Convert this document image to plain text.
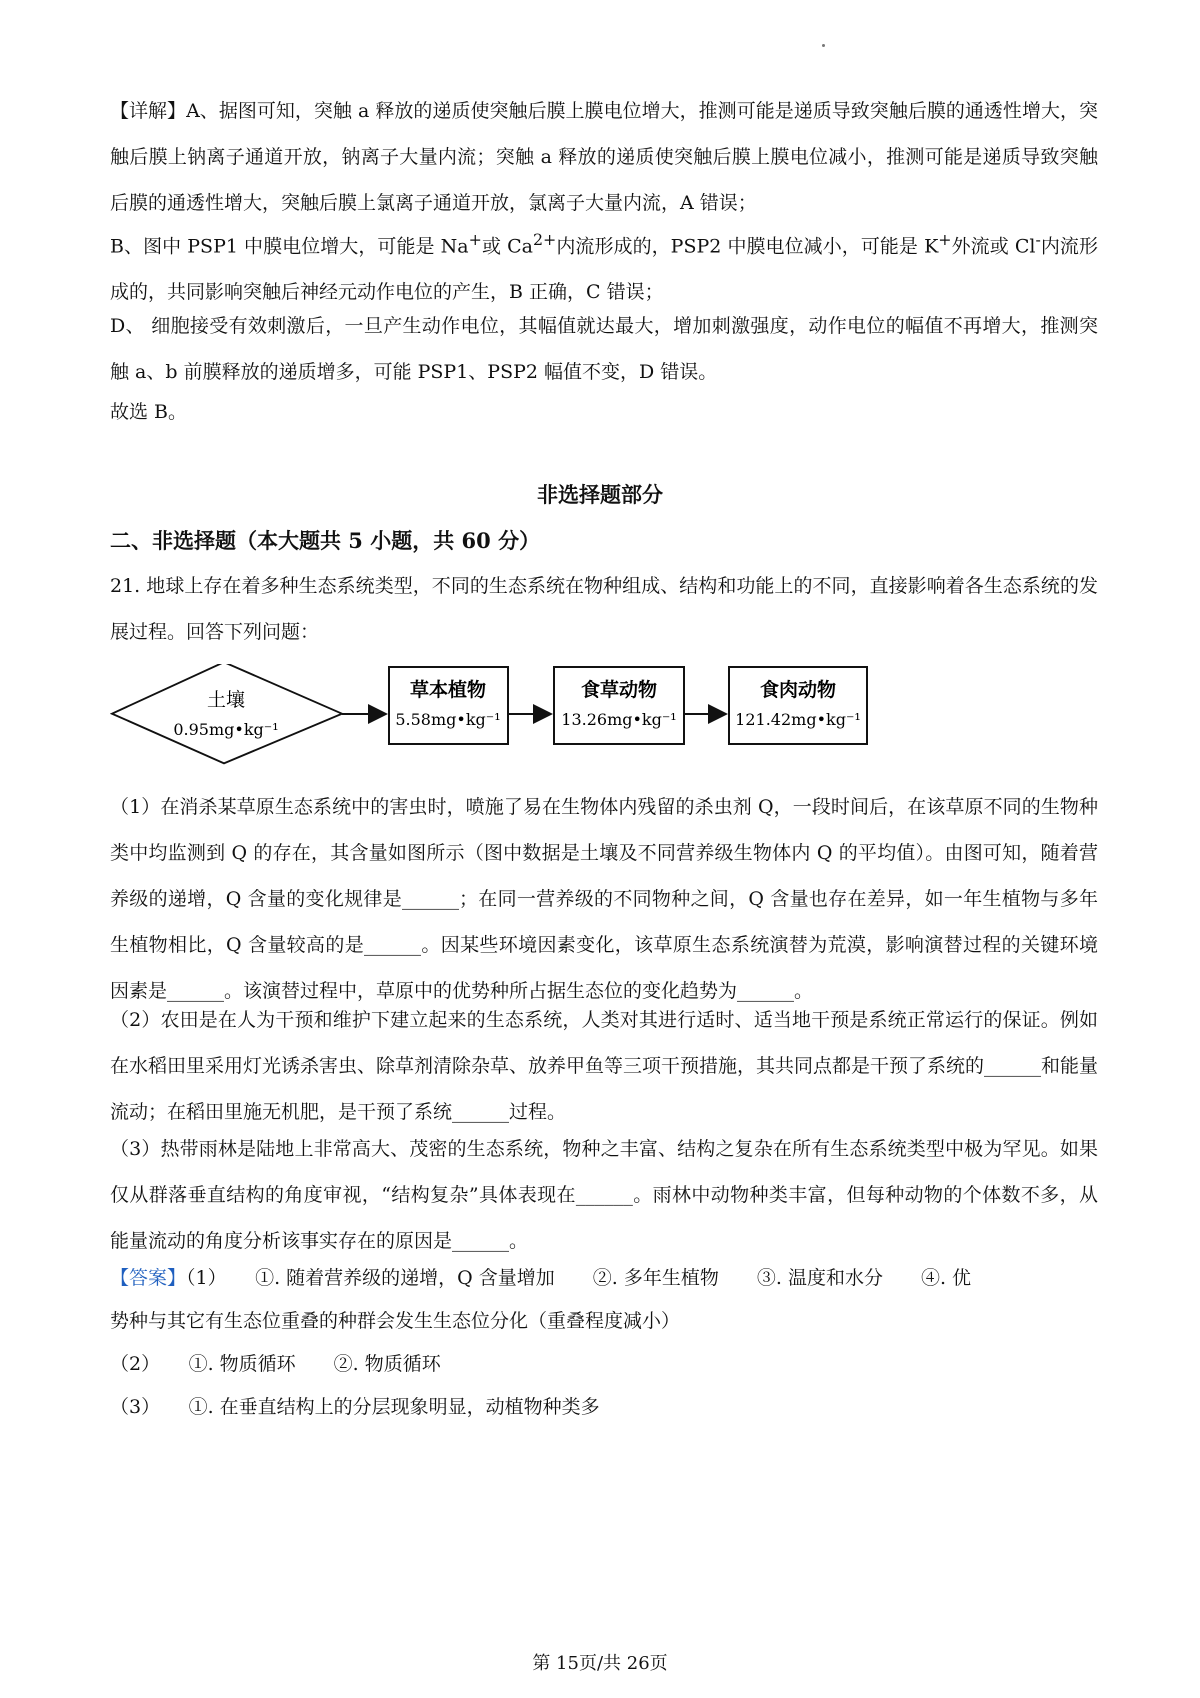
【详解】A、据图可知，突触 a 释放的递质使突触后膜上膜电位增大，推测可能是递质导致突触后膜的通透性增大，突触后膜上钠离子通道开放，钠离子大量内流；突触 a 释放的递质使突触后膜上膜电位减小，推测可能是递质导致突触后膜的通透性增大，突触后膜上氯离子通道开放，氯离子大量内流，A 错误；

B、图中 PSP1 中膜电位增大，可能是 Na+或 $Ca^{2+}$内流形成的，PSP2 中膜电位减小，可能是 K+外流或 Cl-内流形成的，共同影响突触后神经元动作电位的产生，B 正确，C 错误；

D、 细胞接受有效刺激后，一旦产生动作电位，其幅值就达最大，增加刺激强度，动作电位的幅值不再增大，推测突触 a、b 前膜释放的递质增多，可能 PSP1、PSP2 幅值不变，D 错误。

故选 B。

非选择题部分
二、非选择题（本大题共 5 小题，共 60 分）

21. 地球上存在着多种生态系统类型，不同的生态系统在物种组成、结构和功能上的不同，直接影响着各生态系统的发展过程。回答下列问题：

土壤
0.95mg•kg⁻¹
草本植物
5.58mg•kg⁻¹
食草动物
13.26mg•kg⁻¹
食肉动物
121.42mg•kg⁻¹

（1）在消杀某草原生态系统中的害虫时，喷施了易在生物体内残留的杀虫剂 Q，一段时间后，在该草原不同的生物种类中均监测到 Q 的存在，其含量如图所示（图中数据是土壤及不同营养级生物体内 Q 的平均值）。由图可知，随着营养级的递增，Q 含量的变化规律是______；在同一营养级的不同物种之间，Q 含量也存在差异，如一年生植物与多年生植物相比，Q 含量较高的是______。因某些环境因素变化，该草原生态系统演替为荒漠，影响演替过程的关键环境因素是______。该演替过程中，草原中的优势种所占据生态位的变化趋势为______。

（2）农田是在人为干预和维护下建立起来的生态系统，人类对其进行适时、适当地干预是系统正常运行的保证。例如在水稻田里采用灯光诱杀害虫、除草剂清除杂草、放养甲鱼等三项干预措施，其共同点都是干预了系统的______和能量流动；在稻田里施无机肥，是干预了系统______过程。

（3）热带雨林是陆地上非常高大、茂密的生态系统，物种之丰富、结构之复杂在所有生态系统类型中极为罕见。如果仅从群落垂直结构的角度审视，“结构复杂”具体表现在______。雨林中动物种类丰富，但每种动物的个体数不多，从能量流动的角度分析该事实存在的原因是______。

【答案】（1）　　①. 随着营养级的递增，Q 含量增加　　②. 多年生植物　　③. 温度和水分　　④. 优
势种与其它有生态位重叠的种群会发生生态位分化（重叠程度减小）
（2）　　①. 物质循环　　②. 物质循环
（3）　　①. 在垂直结构上的分层现象明显，动植物种类多
第 15页/共 26页
